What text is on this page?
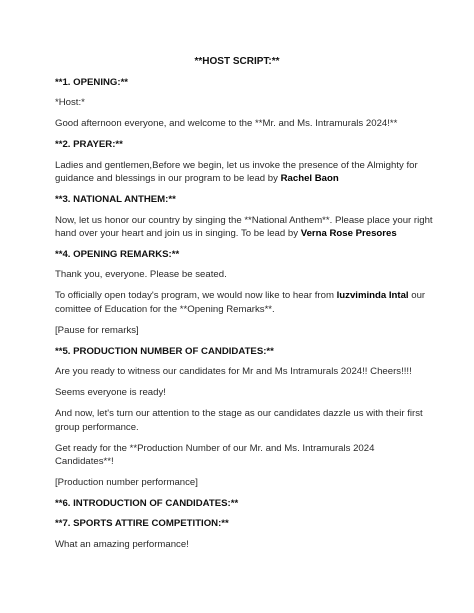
**HOST SCRIPT:**

**1. OPENING:**

*Host:*

Good afternoon everyone, and welcome to the **Mr. and Ms. Intramurals 2024!**

**2. PRAYER:**

Ladies and gentlemen,Before we begin, let us invoke the presence of the Almighty for guidance and blessings in our program to be lead by Rachel Baon

**3. NATIONAL ANTHEM:**

Now, let us honor our country by singing the **National Anthem**. Please place your right hand over your heart and join us in singing. To be lead by Verna Rose Presores

**4. OPENING REMARKS:**

Thank you, everyone. Please be seated.

To officially open today's program, we would now like to hear from luzviminda Intal our comittee of Education for the **Opening Remarks**.

[Pause for remarks]

**5. PRODUCTION NUMBER OF CANDIDATES:**

Are you ready to witness our candidates for Mr and Ms Intramurals 2024!! Cheers!!!!

Seems everyone is ready!

And now, let's turn our attention to the stage as our candidates dazzle us with their first group performance.

Get ready for the **Production Number of our Mr. and Ms. Intramurals 2024 Candidates**!

[Production number performance]

**6. INTRODUCTION OF CANDIDATES:**

**7. SPORTS ATTIRE COMPETITION:**

What an amazing performance!
